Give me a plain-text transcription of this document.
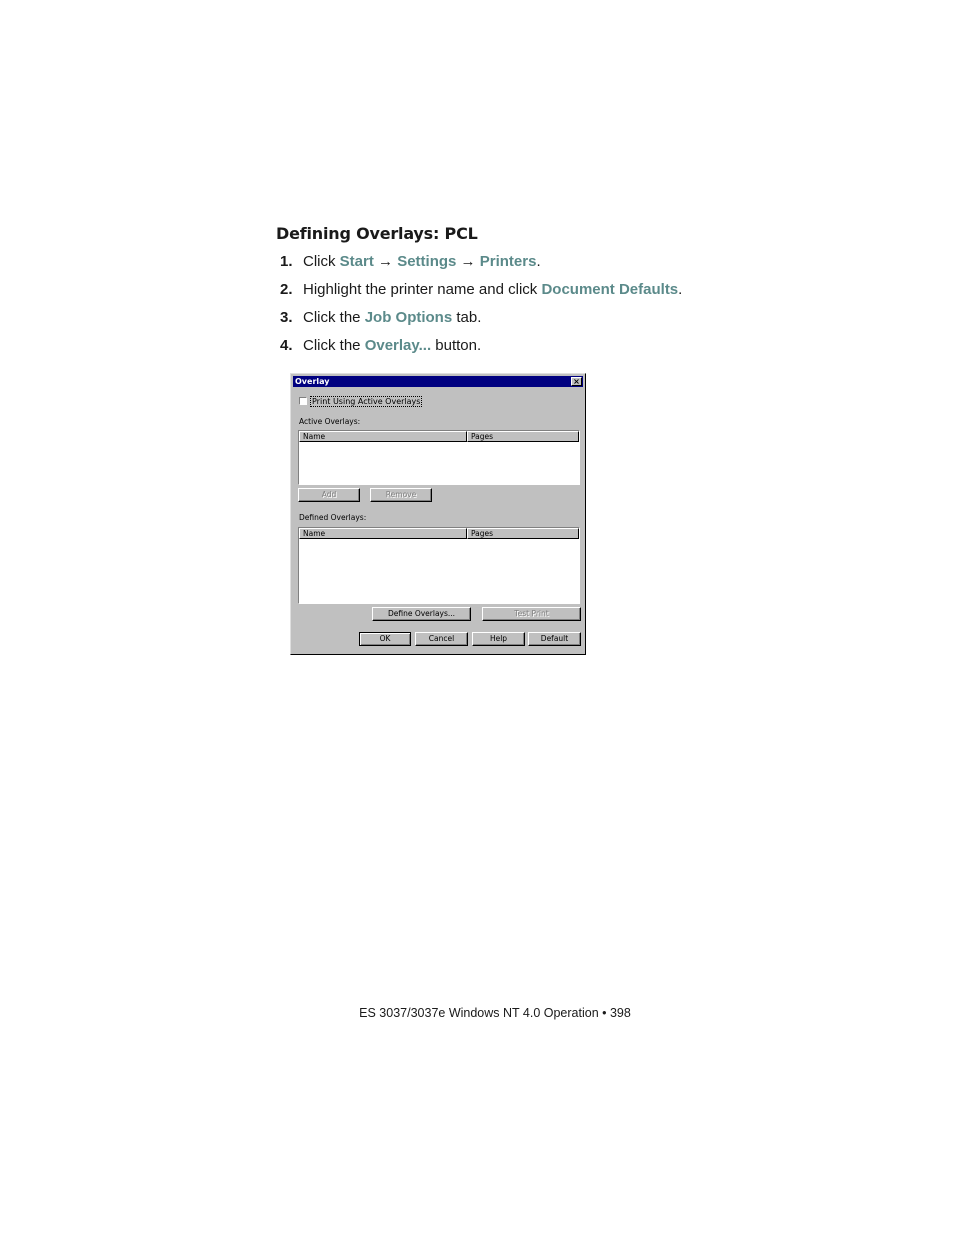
Defining Overlays: PCL
1. Click Start → Settings → Printers.
2. Highlight the printer name and click Document Defaults.
3. Click the Job Options tab.
4. Click the Overlay... button.
Overlay	×
Print Using Active Overlays
Active Overlays:
Name	Pages
Add	Remove
Defined Overlays:
Name	Pages
Define Overlays...	Test Print
OK	Cancel	Help	Default
ES 3037/3037e Windows NT 4.0 Operation • 398
